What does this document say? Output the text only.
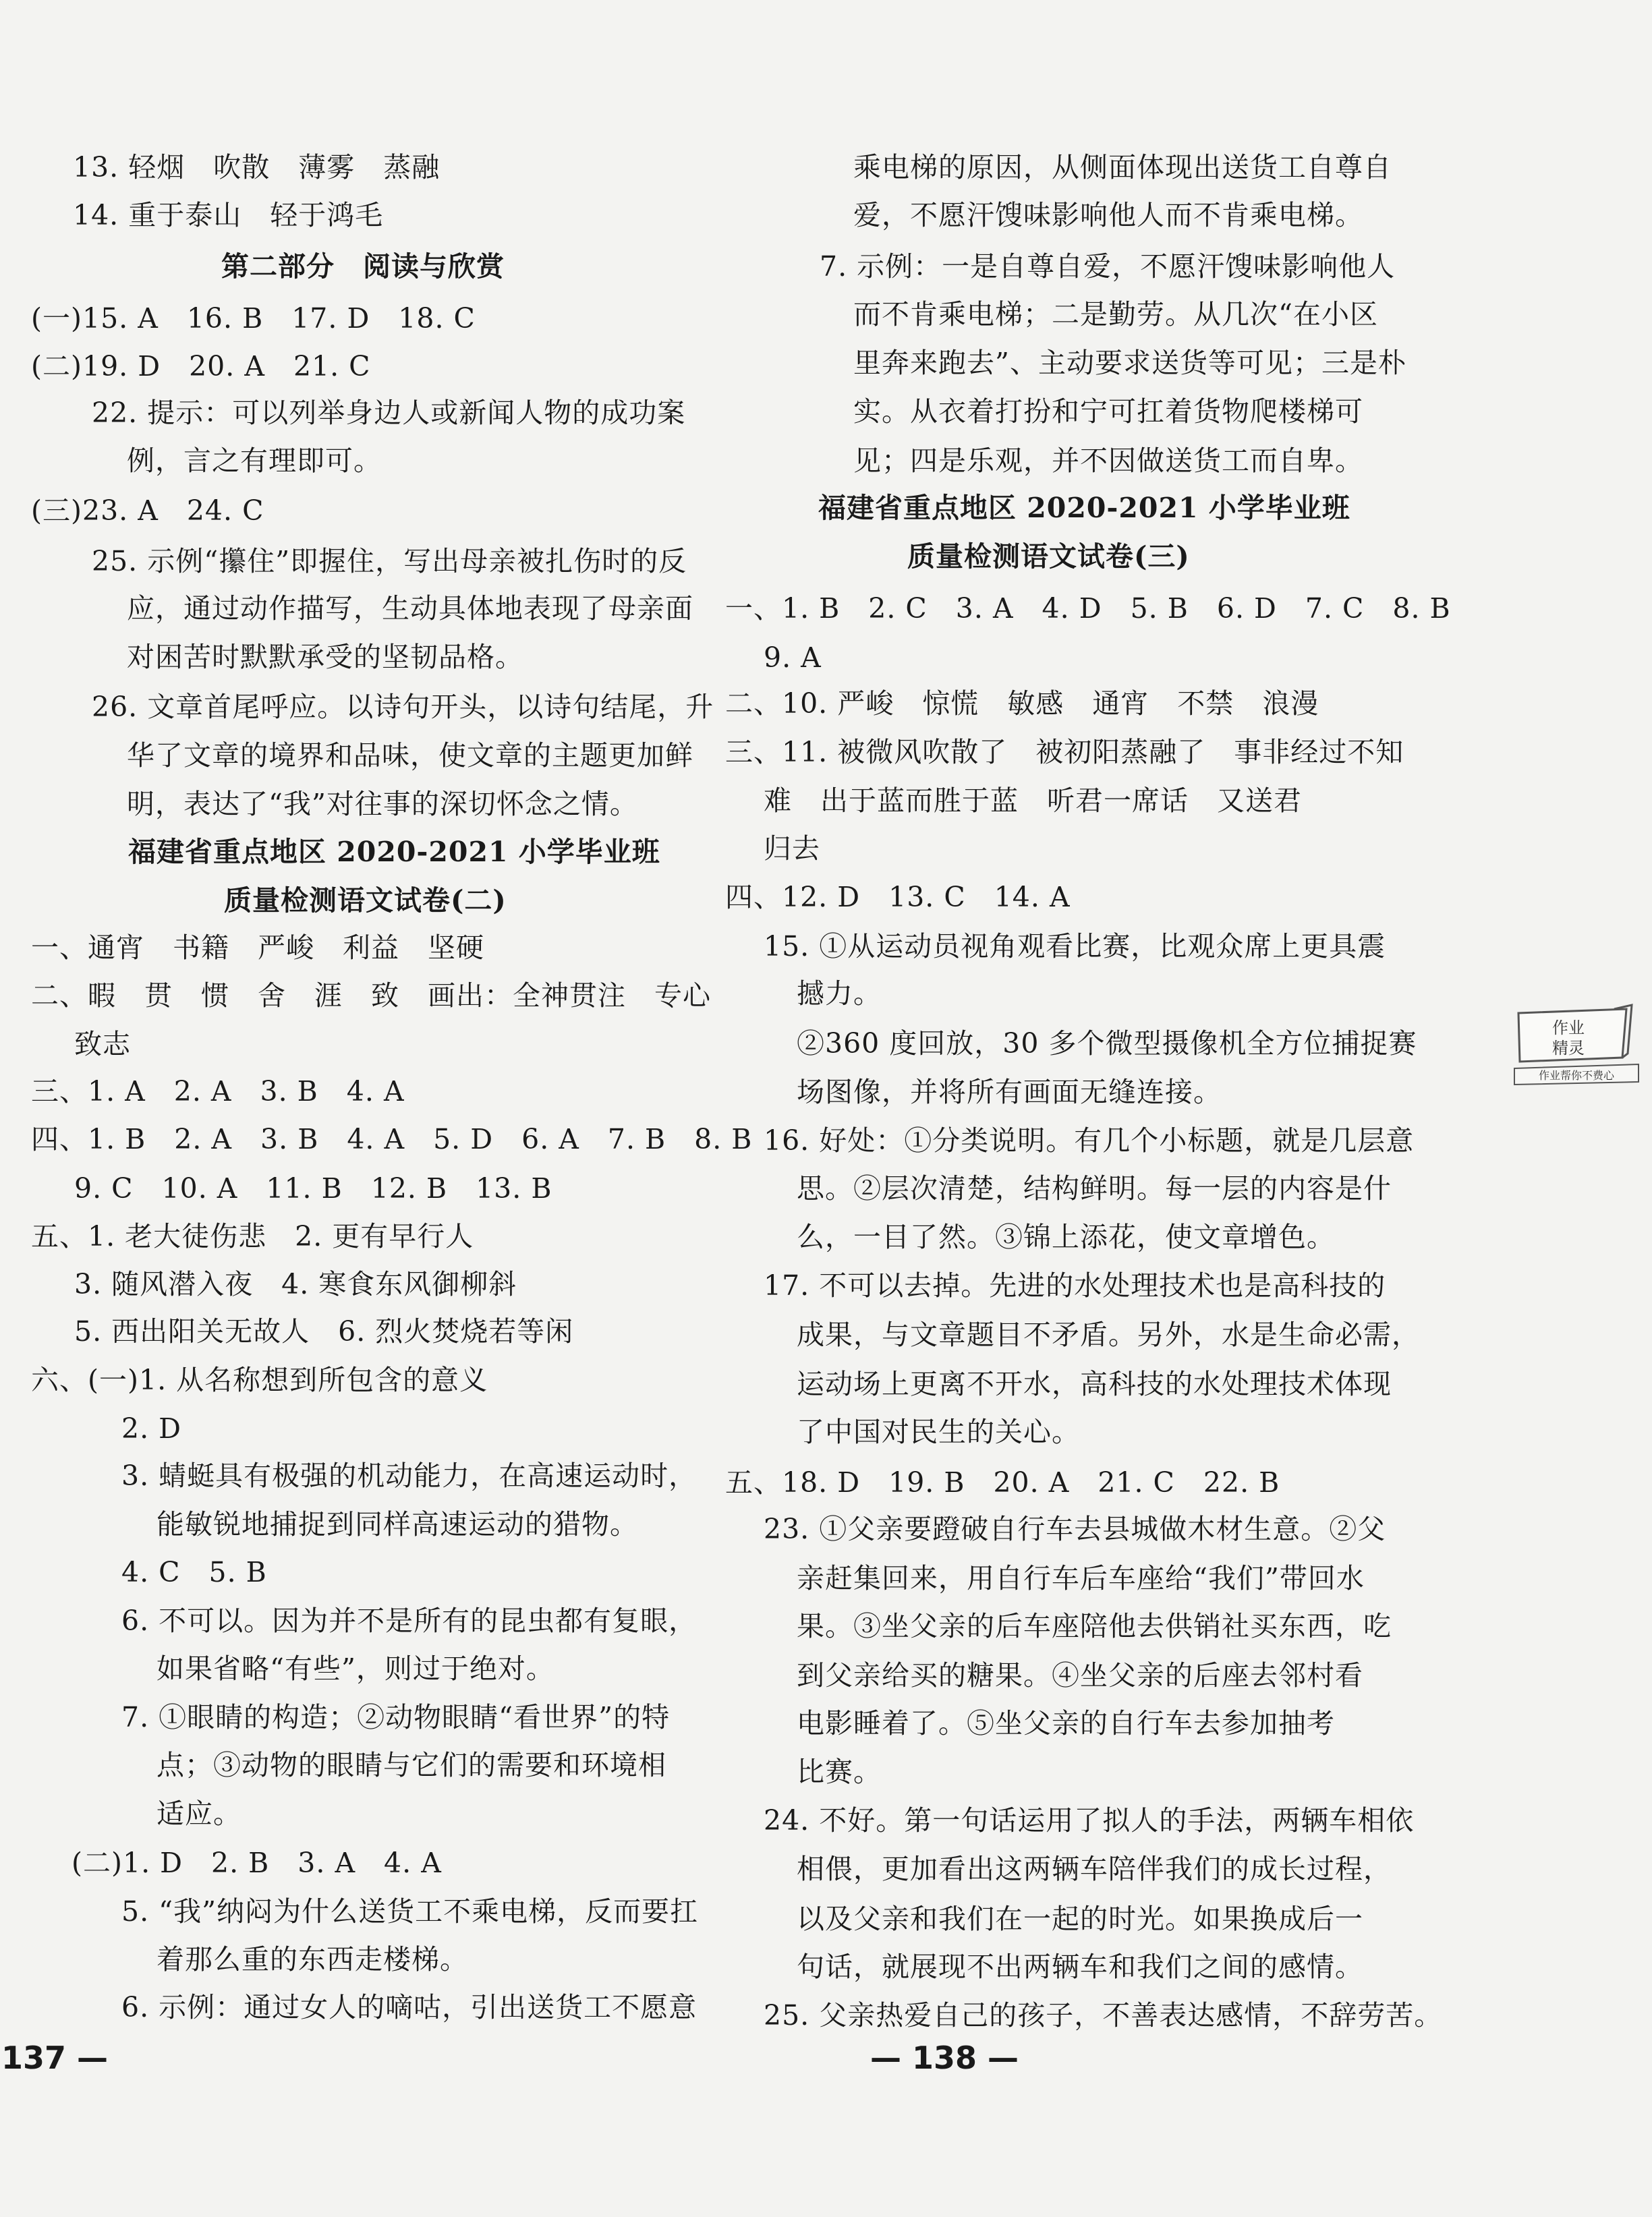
13. 轻烟　吹散　薄雾　蒸融
14. 重于泰山　轻于鸿毛
第二部分　阅读与欣赏
(一)15. A　16. B　17. D　18. C
(二)19. D　20. A　21. C
22. 提示：可以列举身边人或新闻人物的成功案
例，言之有理即可。
(三)23. A　24. C
25. 示例“攥住”即握住，写出母亲被扎伤时的反
应，通过动作描写，生动具体地表现了母亲面
对困苦时默默承受的坚韧品格。
26. 文章首尾呼应。以诗句开头，以诗句结尾，升
华了文章的境界和品味，使文章的主题更加鲜
明，表达了“我”对往事的深切怀念之情。
福建省重点地区 2020-2021 小学毕业班
质量检测语文试卷(二)
一、通宵　书籍　严峻　利益　坚硬
二、暇　贯　惯　舍　涯　致　画出：全神贯注　专心
致志
三、1. A　2. A　3. B　4. A
四、1. B　2. A　3. B　4. A　5. D　6. A　7. B　8. B
9. C　10. A　11. B　12. B　13. B
五、1. 老大徒伤悲　2. 更有早行人
3. 随风潜入夜　4. 寒食东风御柳斜
5. 西出阳关无故人　6. 烈火焚烧若等闲
六、(一)1. 从名称想到所包含的意义
2. D
3. 蜻蜓具有极强的机动能力，在高速运动时，
能敏锐地捕捉到同样高速运动的猎物。
4. C　5. B
6. 不可以。因为并不是所有的昆虫都有复眼，
如果省略“有些”，则过于绝对。
7. ①眼睛的构造；②动物眼睛“看世界”的特
点；③动物的眼睛与它们的需要和环境相
适应。
(二)1. D　2. B　3. A　4. A
5. “我”纳闷为什么送货工不乘电梯，反而要扛
着那么重的东西走楼梯。
6. 示例：通过女人的嘀咕，引出送货工不愿意
乘电梯的原因，从侧面体现出送货工自尊自
爱，不愿汗馊味影响他人而不肯乘电梯。
7. 示例：一是自尊自爱，不愿汗馊味影响他人
而不肯乘电梯；二是勤劳。从几次“在小区
里奔来跑去”、主动要求送货等可见；三是朴
实。从衣着打扮和宁可扛着货物爬楼梯可
见；四是乐观，并不因做送货工而自卑。
福建省重点地区 2020-2021 小学毕业班
质量检测语文试卷(三)
一、1. B　2. C　3. A　4. D　5. B　6. D　7. C　8. B
9. A
二、10. 严峻　惊慌　敏感　通宵　不禁　浪漫
三、11. 被微风吹散了　被初阳蒸融了　事非经过不知
难　出于蓝而胜于蓝　听君一席话　又送君
归去
四、12. D　13. C　14. A
15. ①从运动员视角观看比赛，比观众席上更具震
撼力。
②360 度回放，30 多个微型摄像机全方位捕捉赛
场图像，并将所有画面无缝连接。
16. 好处：①分类说明。有几个小标题，就是几层意
思。②层次清楚，结构鲜明。每一层的内容是什
么，一目了然。③锦上添花，使文章增色。
17. 不可以去掉。先进的水处理技术也是高科技的
成果，与文章题目不矛盾。另外，水是生命必需，
运动场上更离不开水，高科技的水处理技术体现
了中国对民生的关心。
五、18. D　19. B　20. A　21. C　22. B
23. ①父亲要蹬破自行车去县城做木材生意。②父
亲赶集回来，用自行车后车座给“我们”带回水
果。③坐父亲的后车座陪他去供销社买东西，吃
到父亲给买的糖果。④坐父亲的后座去邻村看
电影睡着了。⑤坐父亲的自行车去参加抽考
比赛。
24. 不好。第一句话运用了拟人的手法，两辆车相依
相偎，更加看出这两辆车陪伴我们的成长过程，
以及父亲和我们在一起的时光。如果换成后一
句话，就展现不出两辆车和我们之间的感情。
25. 父亲热爱自己的孩子，不善表达感情，不辞劳苦。
137 —	— 138 —
作业
精灵
作业帮你不费心
